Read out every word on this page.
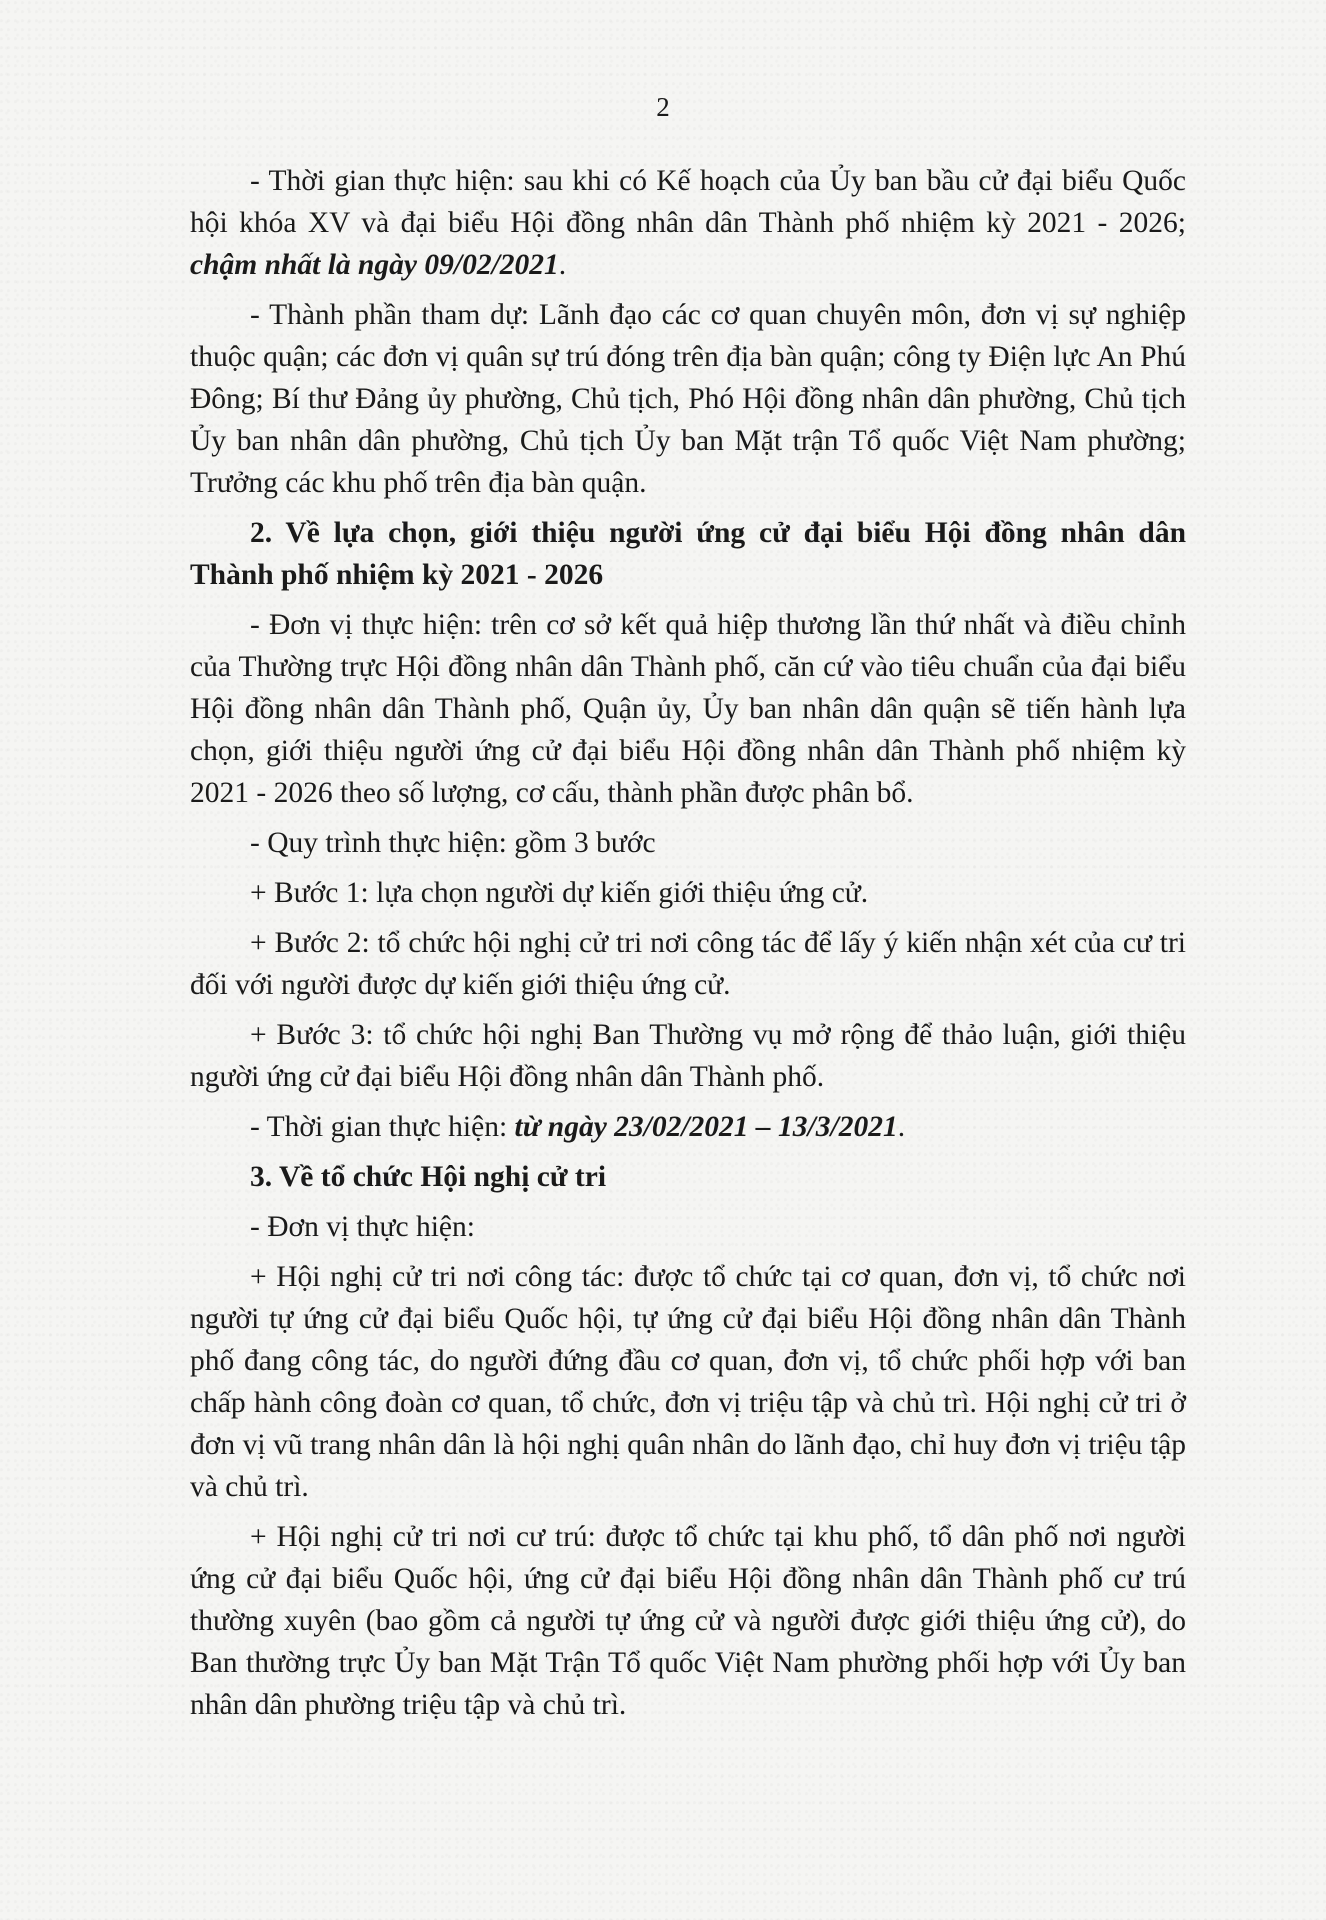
2

- Thời gian thực hiện: sau khi có Kế hoạch của Ủy ban bầu cử đại biểu Quốc hội khóa XV và đại biểu Hội đồng nhân dân Thành phố nhiệm kỳ 2021 - 2026; chậm nhất là ngày 09/02/2021.

- Thành phần tham dự: Lãnh đạo các cơ quan chuyên môn, đơn vị sự nghiệp thuộc quận; các đơn vị quân sự trú đóng trên địa bàn quận; công ty Điện lực An Phú Đông; Bí thư Đảng ủy phường, Chủ tịch, Phó Hội đồng nhân dân phường, Chủ tịch Ủy ban nhân dân phường, Chủ tịch Ủy ban Mặt trận Tổ quốc Việt Nam phường; Trưởng các khu phố trên địa bàn quận.

2. Về lựa chọn, giới thiệu người ứng cử đại biểu Hội đồng nhân dân Thành phố nhiệm kỳ 2021 - 2026

- Đơn vị thực hiện: trên cơ sở kết quả hiệp thương lần thứ nhất và điều chỉnh của Thường trực Hội đồng nhân dân Thành phố, căn cứ vào tiêu chuẩn của đại biểu Hội đồng nhân dân Thành phố, Quận ủy, Ủy ban nhân dân quận sẽ tiến hành lựa chọn, giới thiệu người ứng cử đại biểu Hội đồng nhân dân Thành phố nhiệm kỳ 2021 - 2026 theo số lượng, cơ cấu, thành phần được phân bổ.

- Quy trình thực hiện: gồm 3 bước

+ Bước 1: lựa chọn người dự kiến giới thiệu ứng cử.

+ Bước 2: tổ chức hội nghị cử tri nơi công tác để lấy ý kiến nhận xét của cư tri đối với người được dự kiến giới thiệu ứng cử.

+ Bước 3: tổ chức hội nghị Ban Thường vụ mở rộng để thảo luận, giới thiệu người ứng cử đại biểu Hội đồng nhân dân Thành phố.

- Thời gian thực hiện: từ ngày 23/02/2021 – 13/3/2021.

3. Về tổ chức Hội nghị cử tri

- Đơn vị thực hiện:

+ Hội nghị cử tri nơi công tác: được tổ chức tại cơ quan, đơn vị, tổ chức nơi người tự ứng cử đại biểu Quốc hội, tự ứng cử đại biểu Hội đồng nhân dân Thành phố đang công tác, do người đứng đầu cơ quan, đơn vị, tổ chức phối hợp với ban chấp hành công đoàn cơ quan, tổ chức, đơn vị triệu tập và chủ trì. Hội nghị cử tri ở đơn vị vũ trang nhân dân là hội nghị quân nhân do lãnh đạo, chỉ huy đơn vị triệu tập và chủ trì.

+ Hội nghị cử tri nơi cư trú: được tổ chức tại khu phố, tổ dân phố nơi người ứng cử đại biểu Quốc hội, ứng cử đại biểu Hội đồng nhân dân Thành phố cư trú thường xuyên (bao gồm cả người tự ứng cử và người được giới thiệu ứng cử), do Ban thường trực Ủy ban Mặt Trận Tổ quốc Việt Nam phường phối hợp với Ủy ban nhân dân phường triệu tập và chủ trì.
